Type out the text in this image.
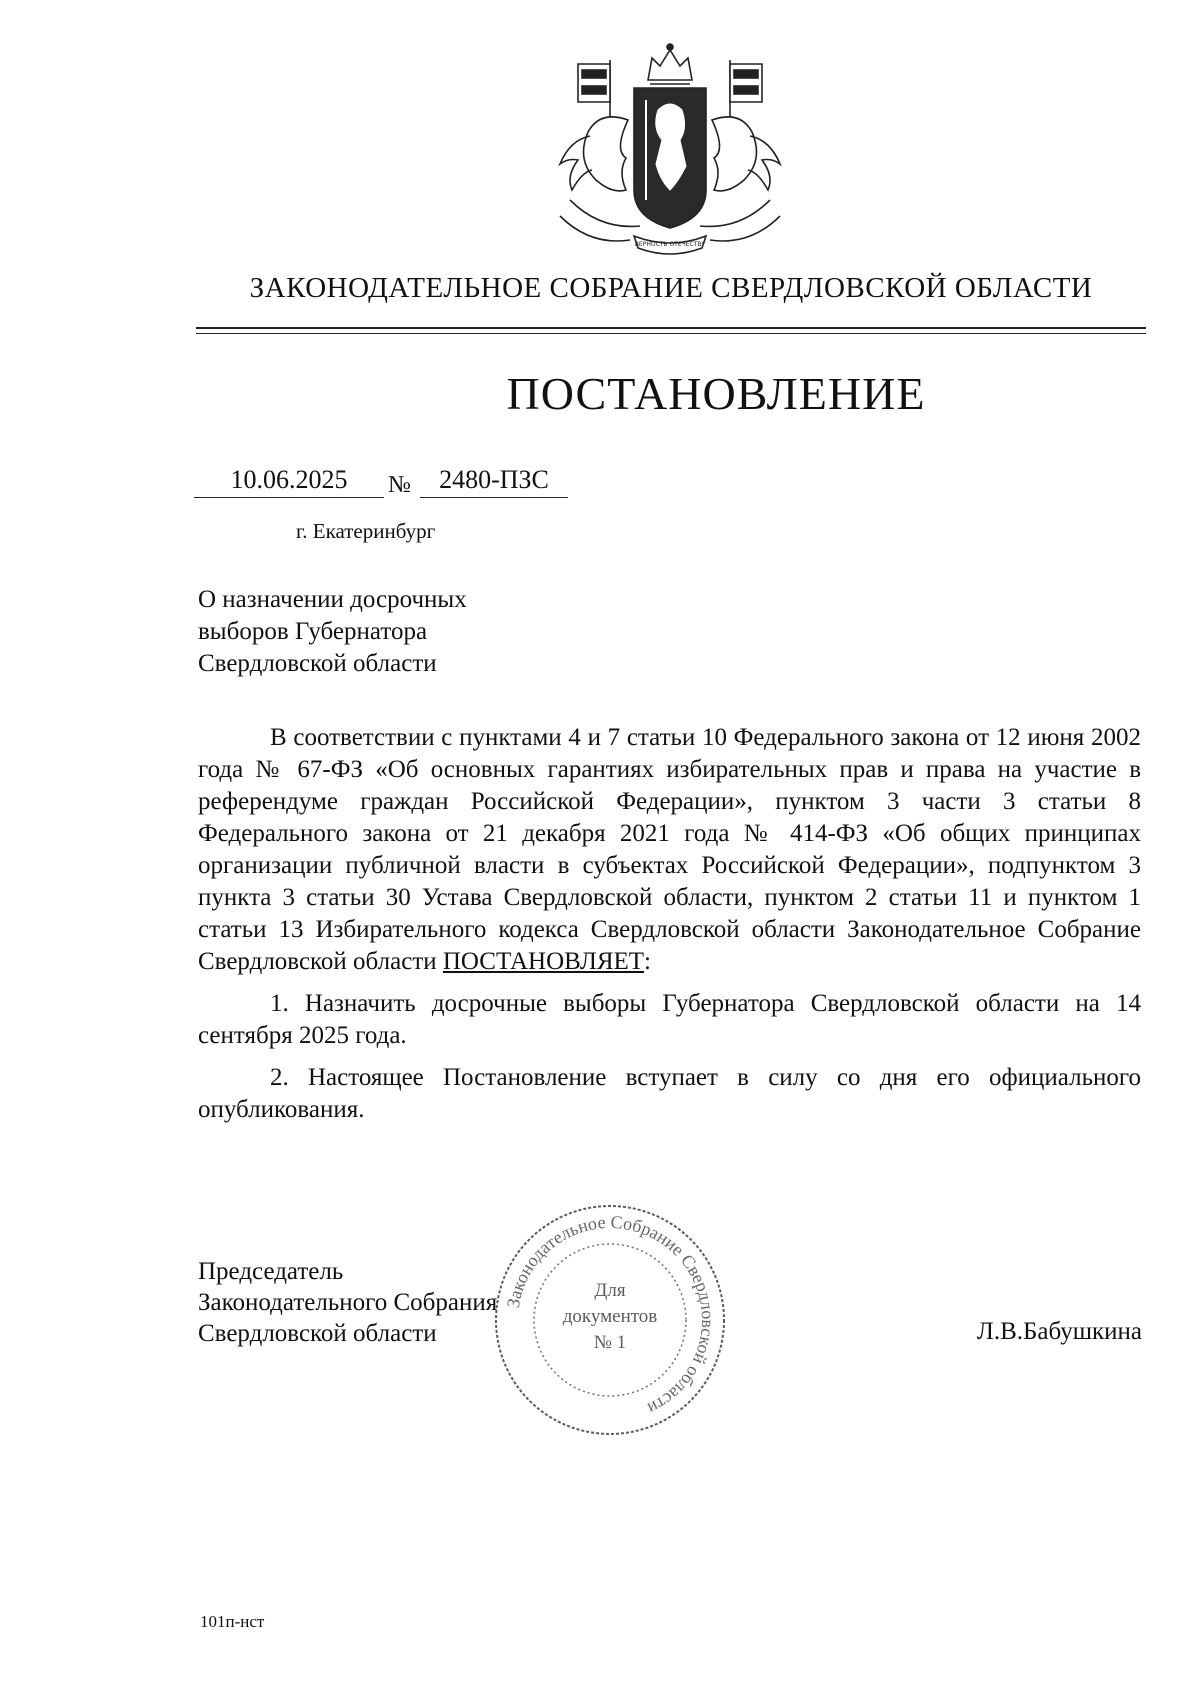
ВЕРНОСТЬ ОТЕЧЕСТВУ
ЗАКОНОДАТЕЛЬНОЕ СОБРАНИЕ СВЕРДЛОВСКОЙ ОБЛАСТИ
ПОСТАНОВЛЕНИЕ
10.06.2025	№	2480-ПЗС
г. Екатеринбург
О назначении досрочных
выборов Губернатора
Свердловской области

В соответствии с пунктами 4 и 7 статьи 10 Федерального закона от 12 июня 2002 года № 67-ФЗ «Об основных гарантиях избирательных прав и права на участие в референдуме граждан Российской Федерации», пунктом 3 части 3 статьи 8 Федерального закона от 21 декабря 2021 года № 414-ФЗ «Об общих принципах организации публичной власти в субъектах Российской Федерации», подпунктом 3 пункта 3 статьи 30 Устава Свердловской области, пунктом 2 статьи 11 и пунктом 1 статьи 13 Избирательного кодекса Свердловской области Законодательное Собрание Свердловской области ПОСТАНОВЛЯЕТ:

1. Назначить досрочные выборы Губернатора Свердловской области на 14 сентября 2025 года.

2. Настоящее Постановление вступает в силу со дня его официального опубликования.

Председатель
Законодательного Собрания
Свердловской области
Законодательное Собрание Свердловской области
Для
документов
№ 1	Л.В.Бабушкина
101п-нст
